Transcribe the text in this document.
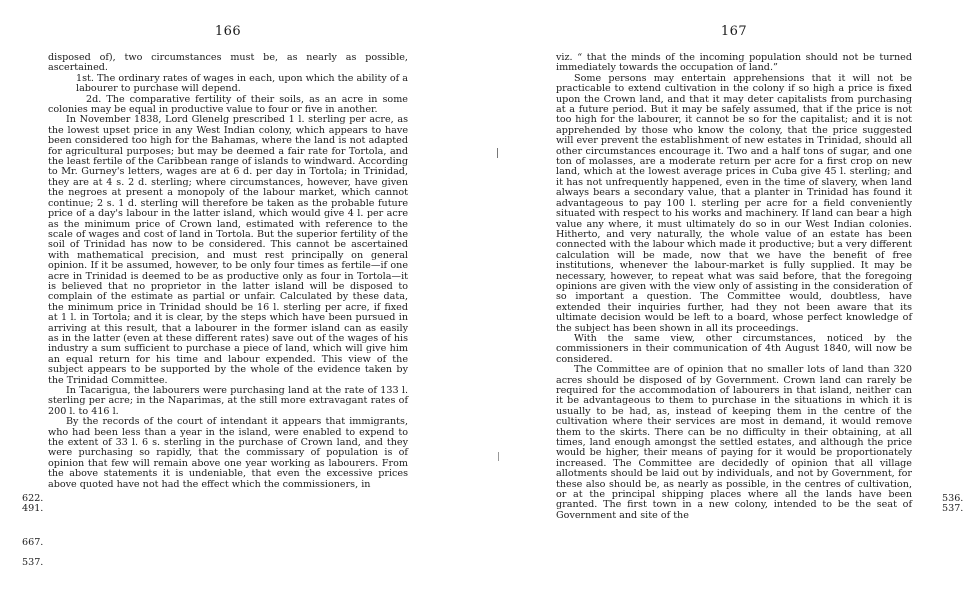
166

disposed of), two circumstances must be, as nearly as possible, ascertained.

1st. The ordinary rates of wages in each, upon which the ability of a labourer to purchase will depend.

2d. The comparative fertility of their soils, as an acre in some colonies may be equal in productive value to four or five in another.

In November 1838, Lord Glenelg prescribed 1 l. sterling per acre, as the lowest upset price in any West Indian colony, which appears to have been considered too high for the Bahamas, where the land is not adapted for agricultural purposes; but may be deemed a fair rate for Tortola, and the least fertile of the Caribbean range of islands to windward. According to Mr. Gurney's letters, wages are at 6 d. per day in Tortola; in Trinidad, they are at 4 s. 2 d. sterling; where circumstances, however, have given the negroes at present a monopoly of the labour market, which cannot continue; 2 s. 1 d. sterling will therefore be taken as the probable future price of a day's labour in the latter island, which would give 4 l. per acre as the minimum price of Crown land, estimated with reference to the scale of wages and cost of land in Tortola. But the superior fertility of the soil of Trinidad has now to be considered. This cannot be ascertained with mathematical precision, and must rest principally on general opinion. If it be assumed, however, to be only four times as fertile—if one acre in Trinidad is deemed to be as productive only as four in Tortola—it is believed that no proprietor in the latter island will be disposed to complain of the estimate as partial or unfair. Calculated by these data, the minimum price in Trinidad should be 16 l. sterling per acre, if fixed at 1 l. in Tortola; and it is clear, by the steps which have been pursued in arriving at this result, that a labourer in the former island can as easily as in the latter (even at these different rates) save out of the wages of his industry a sum sufficient to purchase a piece of land, which will give him an equal return for his time and labour expended. This view of the subject appears to be supported by the whole of the evidence taken by the Trinidad Committee.

In Tacarigua, the labourers were purchasing land at the rate of 133 l. sterling per acre; in the Naparimas, at the still more extravagant rates of 200 l. to 416 l.

By the records of the court of intendant it appears that immigrants, who had been less than a year in the island, were enabled to expend to the extent of 33 l. 6 s. sterling in the purchase of Crown land, and they were purchasing so rapidly, that the commissary of population is of opinion that few will remain above one year working as labourers. From the above statements it is undeniable, that even the excessive prices above quoted have not had the effect which the commissioners, in

622.
491.
667.
537.
167

viz. “ that the minds of the incoming population should not be turned immediately towards the occupation of land.”

Some persons may entertain apprehensions that it will not be practicable to extend cultivation in the colony if so high a price is fixed upon the Crown land, and that it may deter capitalists from purchasing at a future period. But it may be safely assumed, that if the price is not too high for the labourer, it cannot be so for the capitalist; and it is not apprehended by those who know the colony, that the price suggested will ever prevent the establishment of new estates in Trinidad, should all other circumstances encourage it. Two and a half tons of sugar, and one ton of molasses, are a moderate return per acre for a first crop on new land, which at the lowest average prices in Cuba give 45 l. sterling; and it has not unfrequently happened, even in the time of slavery, when land always bears a secondary value, that a planter in Trinidad has found it advantageous to pay 100 l. sterling per acre for a field conveniently situated with respect to his works and machinery. If land can bear a high value any where, it must ultimately do so in our West Indian colonies. Hitherto, and very naturally, the whole value of an estate has been connected with the labour which made it productive; but a very different calculation will be made, now that we have the benefit of free institutions, whenever the labour-market is fully supplied. It may be necessary, however, to repeat what was said before, that the foregoing opinions are given with the view only of assisting in the consideration of so important a question. The Committee would, doubtless, have extended their inquiries further, had they not been aware that its ultimate decision would be left to a board, whose perfect knowledge of the subject has been shown in all its proceedings.

With the same view, other circumstances, noticed by the commissioners in their communication of 4th August 1840, will now be considered.

The Committee are of opinion that no smaller lots of land than 320 acres should be disposed of by Government. Crown land can rarely be required for the accommodation of labourers in that island, neither can it be advantageous to them to purchase in the situations in which it is usually to be had, as, instead of keeping them in the centre of the cultivation where their services are most in demand, it would remove them to the skirts. There can be no difficulty in their obtaining, at all times, land enough amongst the settled estates, and although the price would be higher, their means of paying for it would be proportionately increased. The Committee are decidedly of opinion that all village allotments should be laid out by individuals, and not by Government, for these also should be, as nearly as possible, in the centres of cultivation, or at the principal shipping places where all the lands have been granted. The first town in a new colony, intended to be the seat of Government and site of the

536.
537.
